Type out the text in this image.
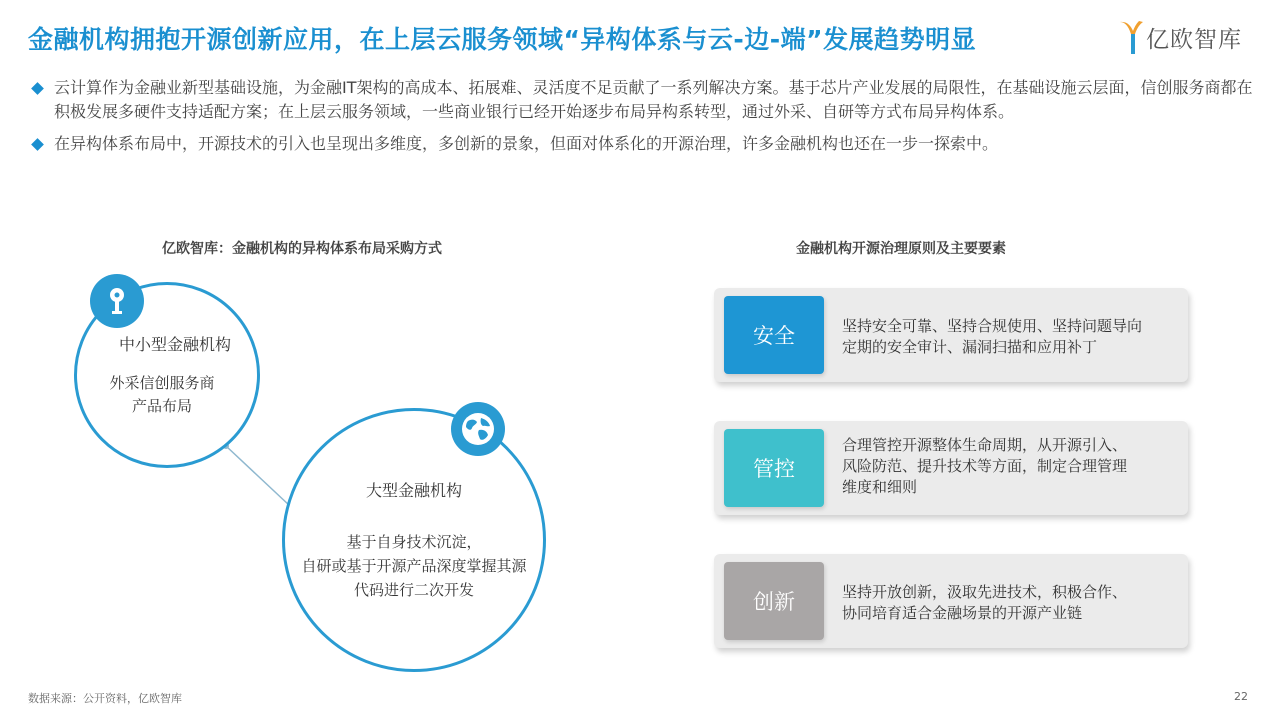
金融机构拥抱开源创新应用，在上层云服务领域“异构体系与云-边-端”发展趋势明显	亿欧智库
云计算作为金融业新型基础设施，为金融IT架构的高成本、拓展难、灵活度不足贡献了一系列解决方案。基于芯片产业发展的局限性，在基础设施云层面，信创服务商都在积极发展多硬件支持适配方案；在上层云服务领域，一些商业银行已经开始逐步布局异构系转型，通过外采、自研等方式布局异构体系。
在异构体系布局中，开源技术的引入也呈现出多维度，多创新的景象，但面对体系化的开源治理，许多金融机构也还在一步一探索中。
亿欧智库：金融机构的异构体系布局采购方式
中小型金融机构
外采信创服务商
产品布局
大型金融机构
基于自身技术沉淀，
自研或基于开源产品深度掌握其源
代码进行二次开发
金融机构开源治理原则及主要要素
安全	坚持安全可靠、坚持合规使用、坚持问题导向
定期的安全审计、漏洞扫描和应用补丁
管控
合理管控开源整体生命周期，从开源引入、
风险防范、提升技术等方面，制定合理管理
维度和细则
创新	坚持开放创新，汲取先进技术，积极合作、
协同培育适合金融场景的开源产业链
数据来源：公开资料，亿欧智库	22
